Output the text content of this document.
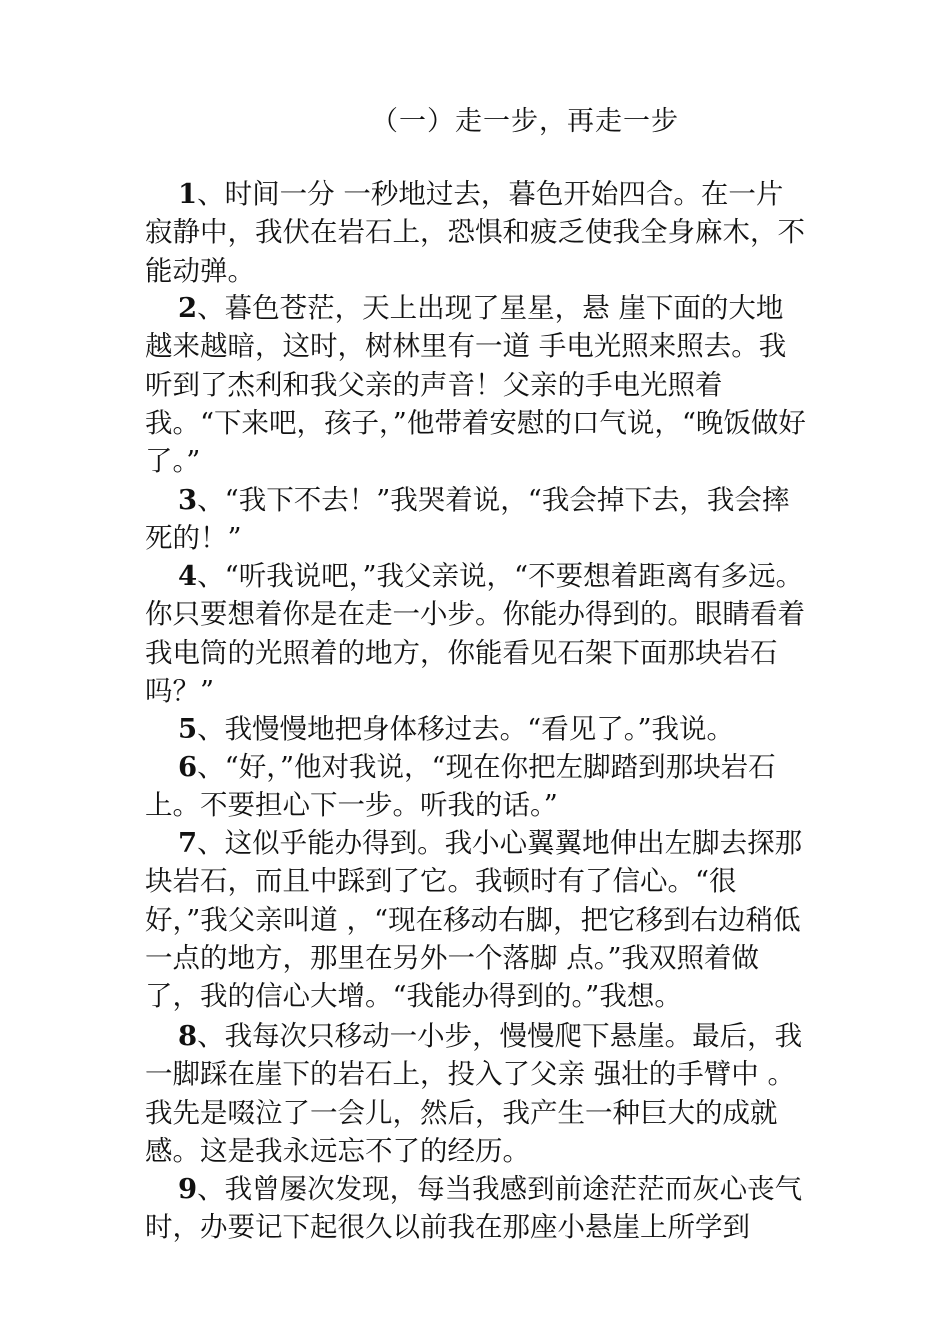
（一）走一步，再走一步

1、时间一分 一秒地过去，暮色开始四合。在一片寂静中，我伏在岩石上，恐惧和疲乏使我全身麻木，不能动弹。

2、暮色苍茫，天上出现了星星，悬 崖下面的大地越来越暗，这时，树林里有一道 手电光照来照去。我听到了杰利和我父亲的声音！父亲的手电光照着我。“下来吧，孩子，”他带着安慰的口气说，“晚饭做好了。”

3、“我下不去！”我哭着说，“我会掉下去，我会摔死的！”

4、“听我说吧，”我父亲说，“不要想着距离有多远。你只要想着你是在走一小步。你能办得到的。眼睛看着我电筒的光照着的地方，你能看见石架下面那块岩石吗？”

5、我慢慢地把身体移过去。“看见了。”我说。

6、“好，”他对我说，“现在你把左脚踏到那块岩石上。不要担心下一步。听我的话。”

7、这似乎能办得到。我小心翼翼地伸出左脚去探那块岩石，而且中踩到了它。我顿时有了信心。“很好，”我父亲叫道 ，“现在移动右脚，把它移到右边稍低一点的地方，那里在另外一个落脚 点。”我双照着做了，我的信心大增。“我能办得到的。”我想。

8、我每次只移动一小步，慢慢爬下悬崖。最后，我一脚踩在崖下的岩石上，投入了父亲 强壮的手臂中 。我先是啜泣了一会儿，然后，我产生一种巨大的成就感。这是我永远忘不了的经历。

9、我曾屡次发现，每当我感到前途茫茫而灰心丧气时，办要记下起很久以前我在那座小悬崖上所学到
